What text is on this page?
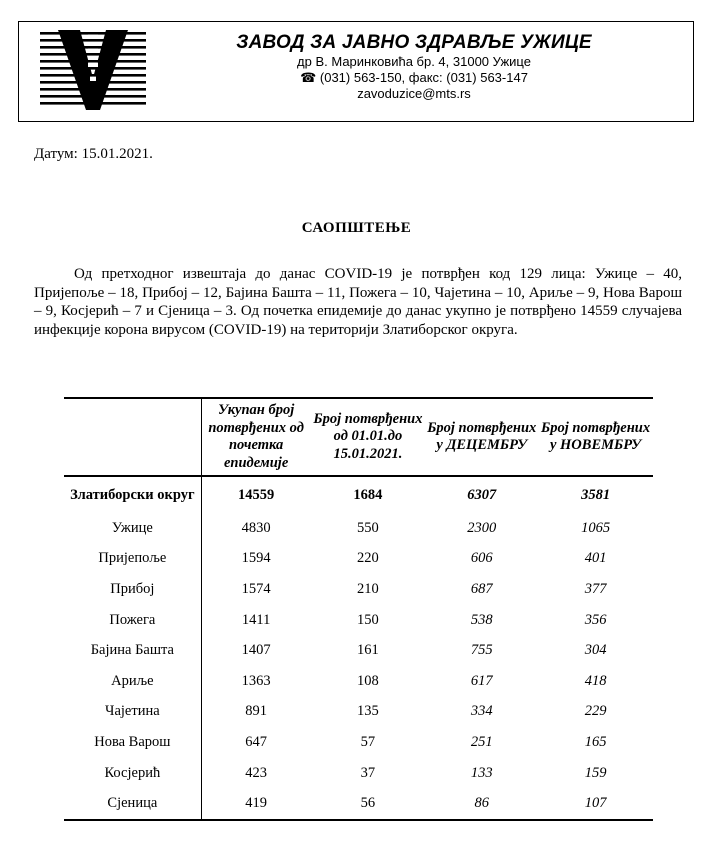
ЗАВОД ЗА ЈАВНО ЗДРАВЉЕ УЖИЦЕ
др В. Маринковића бр. 4, 31000 Ужице
☎ (031) 563-150, факс: (031) 563-147
zavoduzice@mts.rs
Датум: 15.01.2021.
САОПШТЕЊЕ

Од претходног извештаја до данас COVID-19 је потврђен код 129 лица: Ужице – 40, Пријепоље – 18, Прибој – 12, Бајина Башта – 11, Пожега – 10, Чајетина – 10, Ариље – 9, Нова Варош – 9, Косјерић – 7 и Сјеница – 3. Од почетка епидемије до данас укупно је потврђено 14559 случајева инфекције корона вирусом (COVID-19) на територији Златиборског округа.

	Укупан број потврђених од почетка епидемије	Број потврђених од 01.01.до 15.01.2021.	Број потврђених у ДЕЦЕМБРУ	Број потврђених у НОВЕМБРУ
Златиборски округ	14559	1684	6307	3581
Ужице	4830	550	2300	1065
Пријепоље	1594	220	606	401
Прибој	1574	210	687	377
Пожега	1411	150	538	356
Бајина Башта	1407	161	755	304
Ариље	1363	108	617	418
Чајетина	891	135	334	229
Нова Варош	647	57	251	165
Косјерић	423	37	133	159
Сјеница	419	56	86	107
